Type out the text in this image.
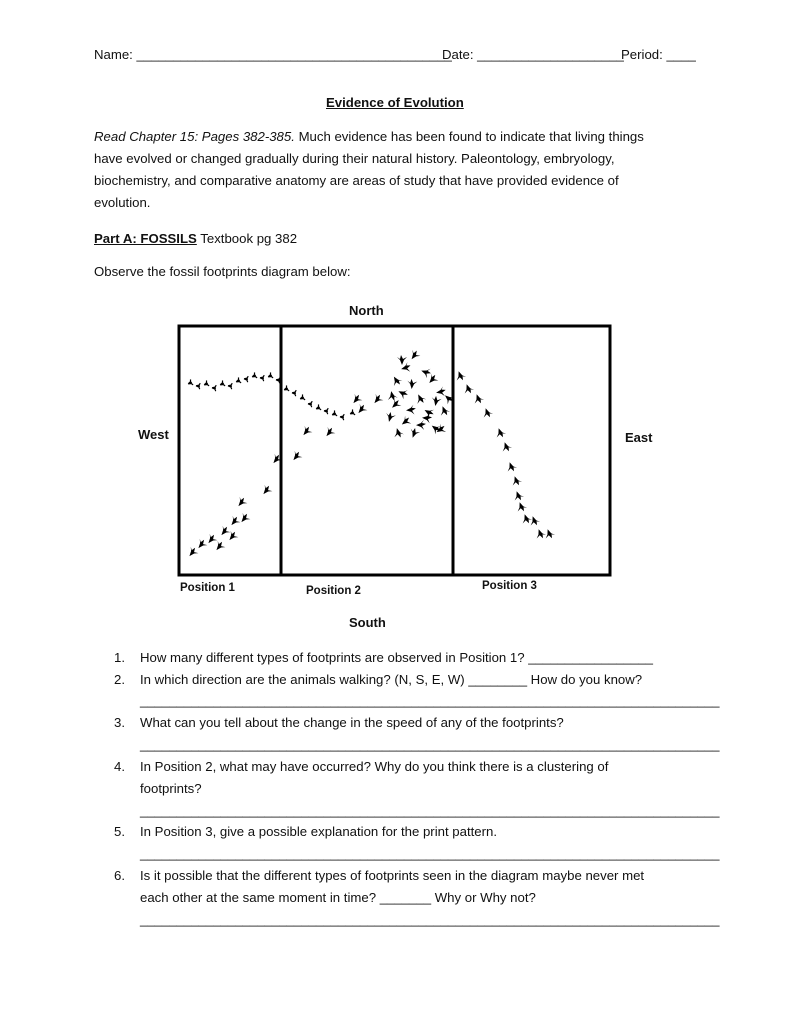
Name: ___________________________________________
Date: ____________________
Period: ____
Evidence of Evolution
Read Chapter 15: Pages 382-385. Much evidence has been found to indicate that living things
have evolved or changed gradually during their natural history. Paleontology, embryology,
biochemistry, and comparative anatomy are areas of study that have provided evidence of
evolution.
Part A: FOSSILS Textbook pg 382
Observe the fossil footprints diagram below:
North
South
West	East
Position 1	Position 2	Position 3
1. How many different types of footprints are observed in Position 1? _________________
2. In which direction are the animals walking? (N, S, E, W) ________ How do you know?
_______________________________________________________________________________
3. What can you tell about the change in the speed of any of the footprints?
_______________________________________________________________________________
4. In Position 2, what may have occurred? Why do you think there is a clustering of
footprints?
_______________________________________________________________________________
5. In Position 3, give a possible explanation for the print pattern.
_______________________________________________________________________________
6. Is it possible that the different types of footprints seen in the diagram maybe never met
each other at the same moment in time? _______ Why or Why not?
_______________________________________________________________________________
